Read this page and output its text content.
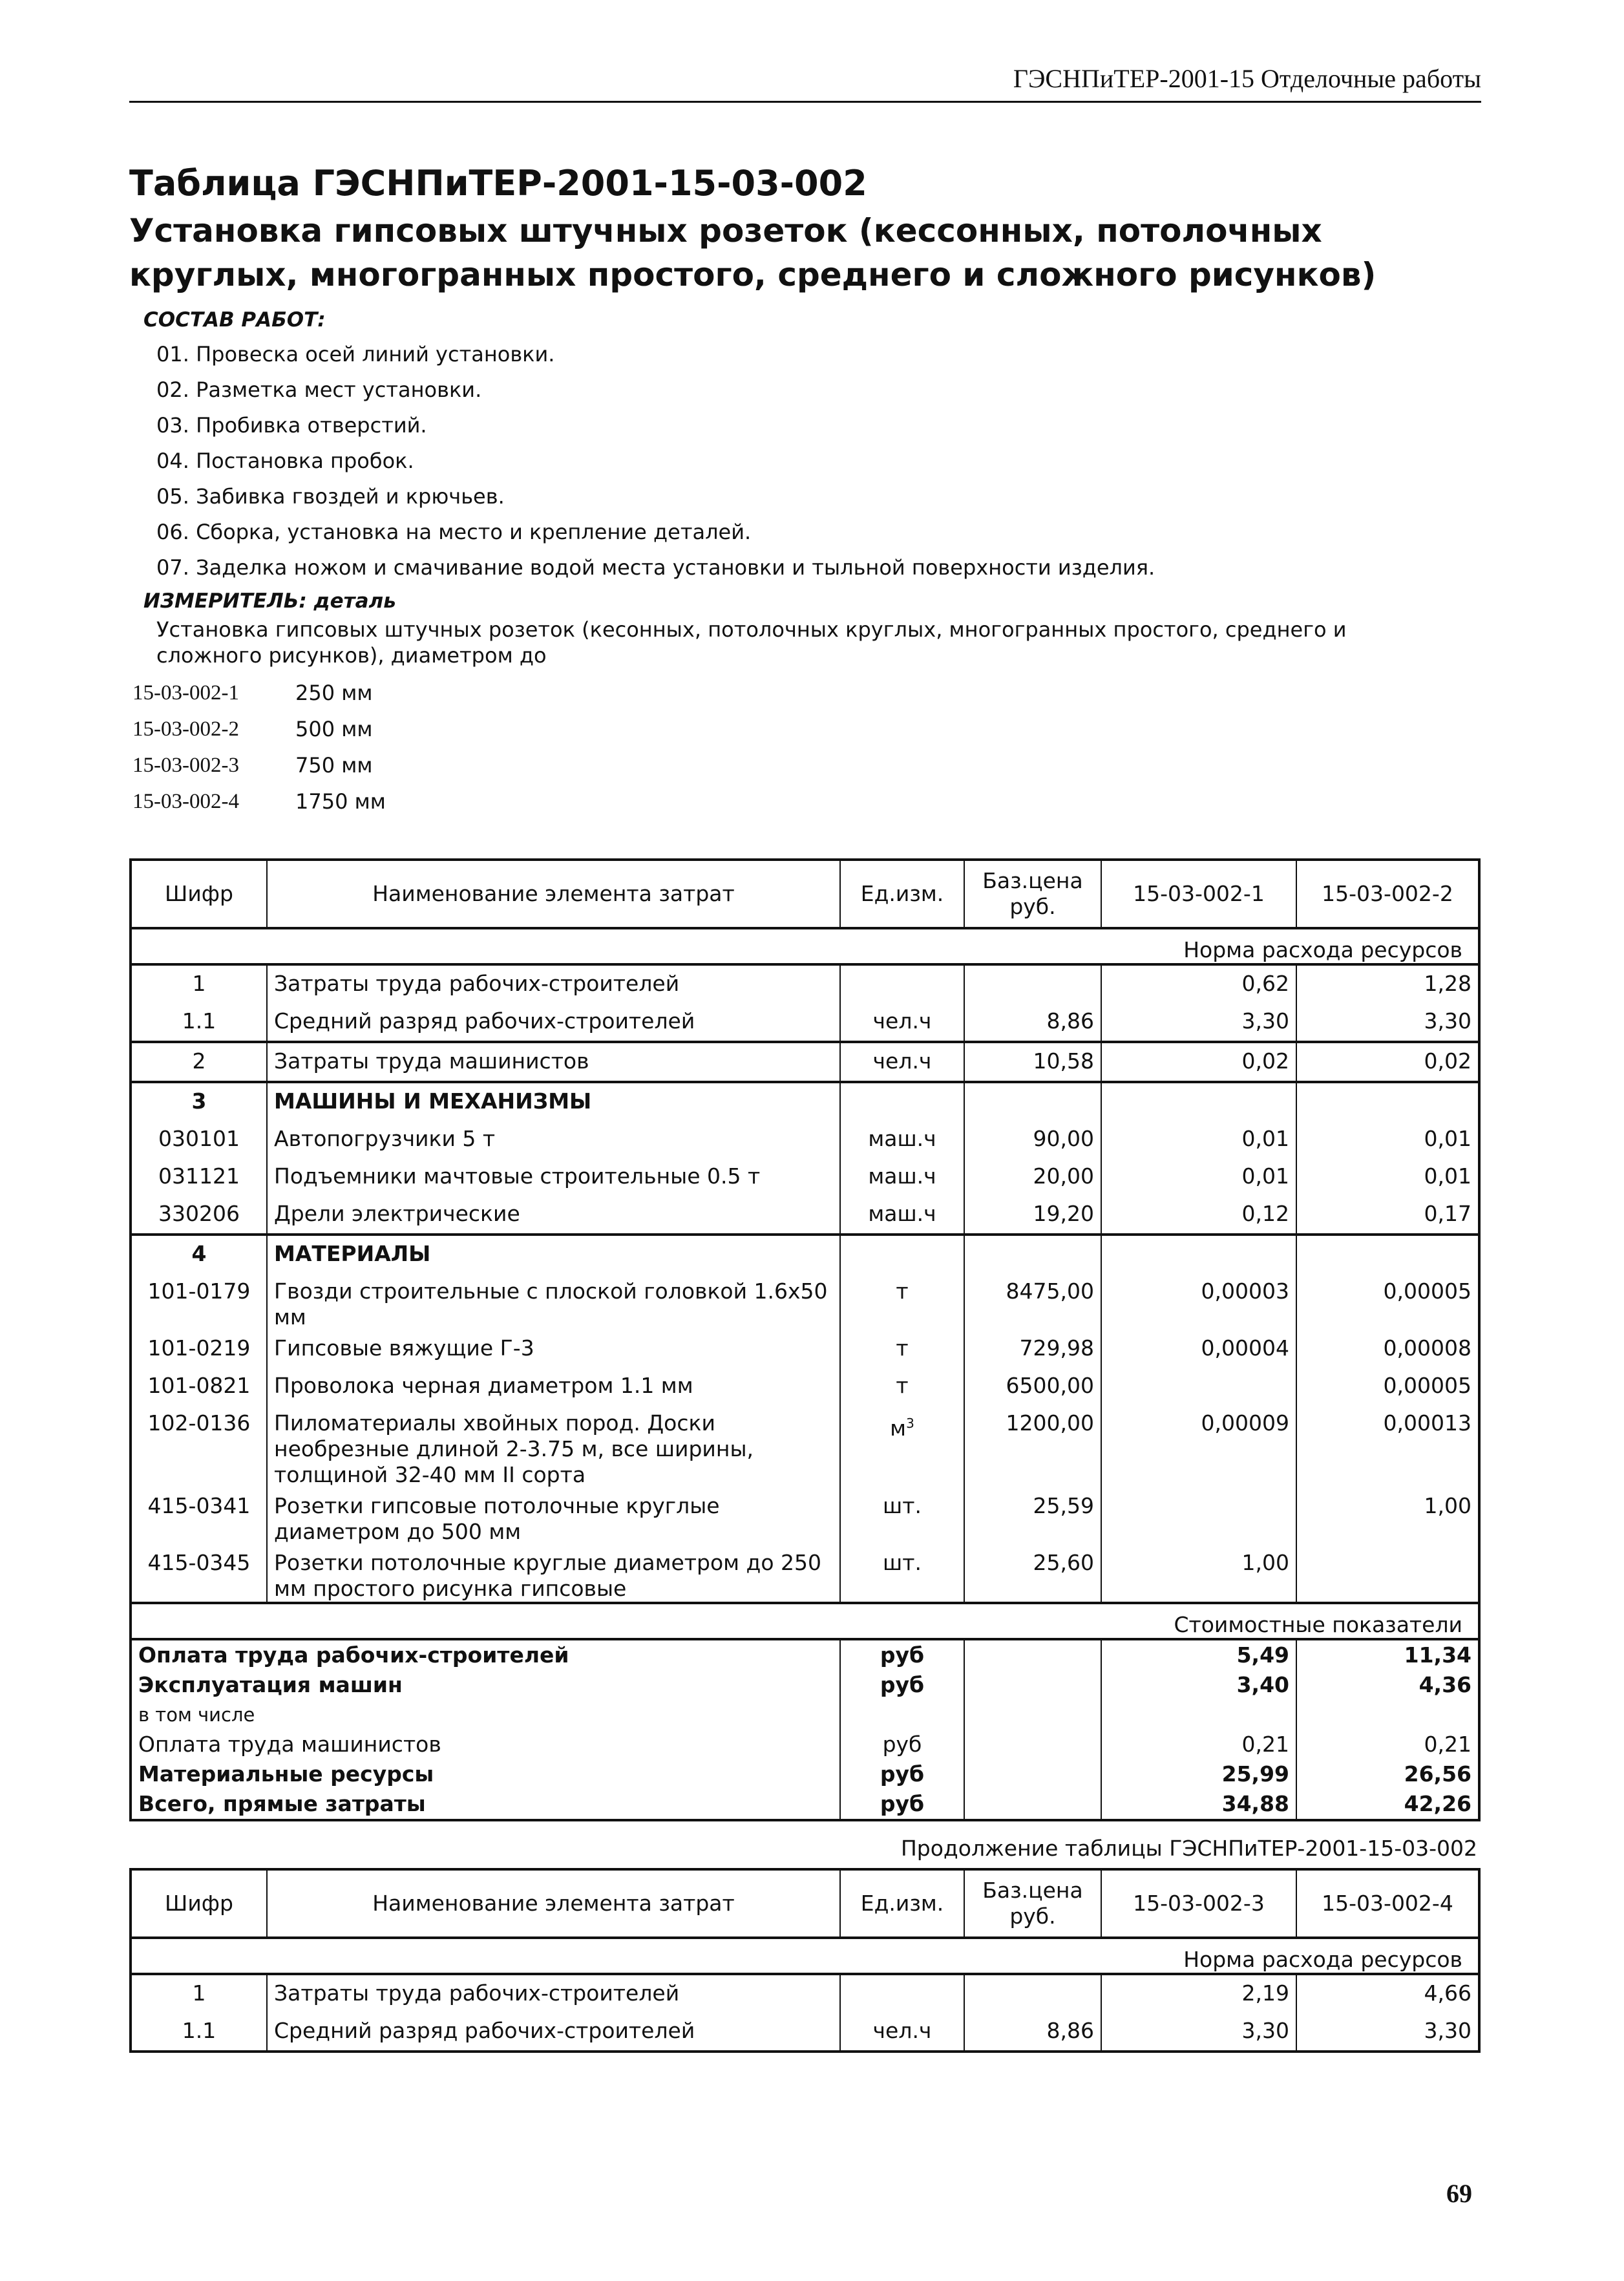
ГЭСНПиТЕР-2001-15 Отделочные работы
Таблица ГЭСНПиТЕР-2001-15-03-002
Установка гипсовых штучных розеток (кессонных, потолочных круглых, многогранных простого, среднего и сложного рисунков)
СОСТАВ РАБОТ:
01. Провеска осей линий установки.
02. Разметка мест установки.
03. Пробивка отверстий.
04. Постановка пробок.
05. Забивка гвоздей и крючьев.
06. Сборка, установка на место и крепление деталей.
07. Заделка ножом и смачивание водой места установки и тыльной поверхности изделия.
ИЗМЕРИТЕЛЬ: деталь
Установка гипсовых штучных розеток (кесонных, потолочных круглых, многогранных простого, среднего и сложного рисунков), диаметром до
15-03-002-1	250 мм
15-03-002-2	500 мм
15-03-002-3	750 мм
15-03-002-4	1750 мм
Шифр	Наименование элемента затрат	Ед.изм.	Баз.цена руб.	15-03-002-1	15-03-002-2
Норма расхода ресурсов					
1	Затраты труда рабочих-строителей			0,62	1,28
1.1	Средний разряд рабочих-строителей	чел.ч	8,86	3,30	3,30
2	Затраты труда машинистов	чел.ч	10,58	0,02	0,02
3	МАШИНЫ И МЕХАНИЗМЫ				
030101	Автопогрузчики 5 т	маш.ч	90,00	0,01	0,01
031121	Подъемники мачтовые строительные 0.5 т	маш.ч	20,00	0,01	0,01
330206	Дрели электрические	маш.ч	19,20	0,12	0,17
4	МАТЕРИАЛЫ				
101-0179	Гвозди строительные с плоской головкой 1.6х50 мм	т	8475,00	0,00003	0,00005
101-0219	Гипсовые вяжущие Г-3	т	729,98	0,00004	0,00008
101-0821	Проволока черная диаметром 1.1 мм	т	6500,00		0,00005
102-0136	Пиломатериалы хвойных пород. Доски необрезные длиной 2-3.75 м, все ширины, толщиной 32-40 мм II сорта	$м^3$	1200,00	0,00009	0,00013
415-0341	Розетки гипсовые потолочные круглые диаметром до 500 мм	шт.	25,59		1,00
415-0345	Розетки потолочные круглые диаметром до 250 мм простого рисунка гипсовые	шт.	25,60	1,00	
Стоимостные показатели					
Оплата труда рабочих-строителей		руб		5,49	11,34
Эксплуатация машин		руб		3,40	4,36
в том числе					
Оплата труда машинистов		руб		0,21	0,21
Материальные ресурсы		руб		25,99	26,56
Всего, прямые затраты		руб		34,88	42,26
Продолжение таблицы ГЭСНПиТЕР-2001-15-03-002
Шифр	Наименование элемента затрат	Ед.изм.	Баз.цена руб.	15-03-002-3	15-03-002-4
Норма расхода ресурсов					
1	Затраты труда рабочих-строителей			2,19	4,66
1.1	Средний разряд рабочих-строителей	чел.ч	8,86	3,30	3,30
69
